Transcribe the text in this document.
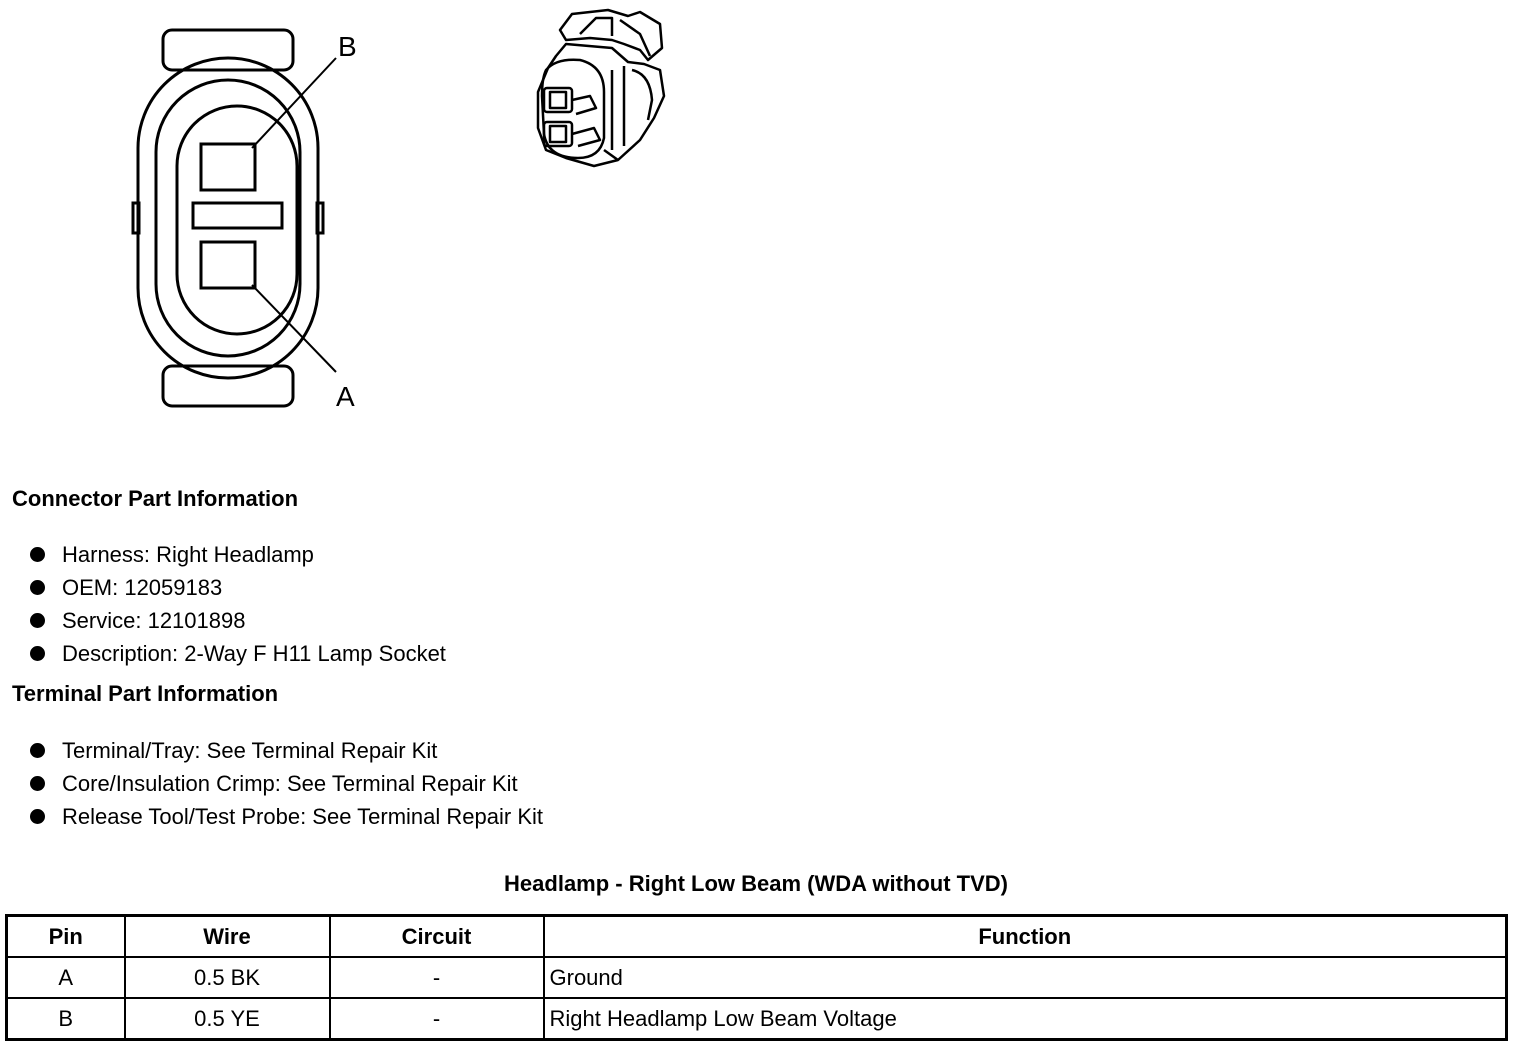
B
A
Connector Part Information
Harness: Right Headlamp
OEM: 12059183
Service: 12101898
Description: 2-Way F H11 Lamp Socket
Terminal Part Information
Terminal/Tray: See Terminal Repair Kit
Core/Insulation Crimp: See Terminal Repair Kit
Release Tool/Test Probe: See Terminal Repair Kit
Headlamp - Right Low Beam (WDA without TVD)
Pin	Wire	Circuit	Function
A	0.5 BK	-	Ground
B	0.5 YE	-	Right Headlamp Low Beam Voltage
